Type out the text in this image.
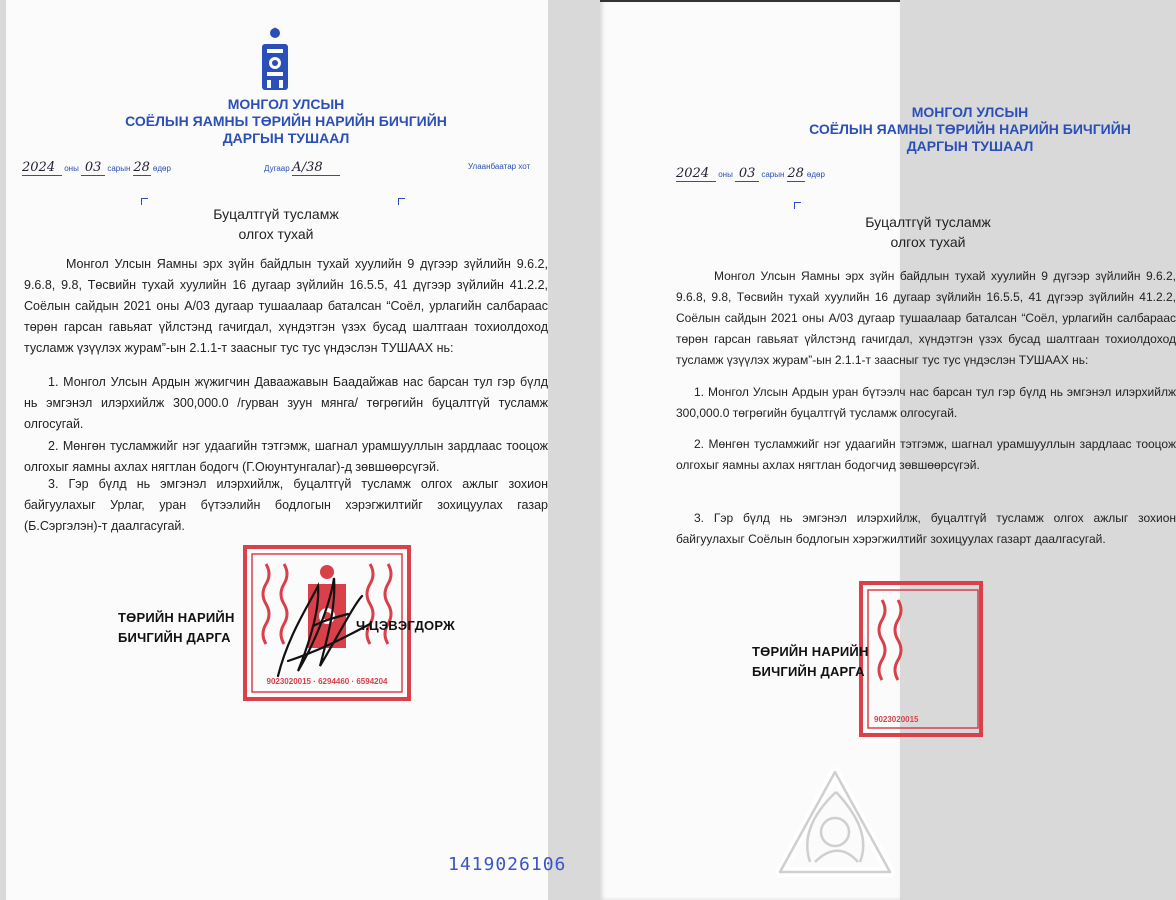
МОНГОЛ УЛСЫН
СОЁЛЫН ЯАМНЫ ТӨРИЙН НАРИЙН БИЧГИЙН
ДАРГЫН ТУШААЛ
2024 оны 03 сарын 28 өдөр	Дугаар А/38	Улаанбаатар хот
Буцалтгүй тусламж
олгох тухай
Монгол Улсын Яамны эрх зүйн байдлын тухай хуулийн 9 дүгээр зүйлийн 9.6.2, 9.6.8, 9.8, Төсвийн тухай хуулийн 16 дугаар зүйлийн 16.5.5, 41 дүгээр зүйлийн 41.2.2, Соёлын сайдын 2021 оны А/03 дугаар тушаалаар баталсан “Соёл, урлагийн салбараас төрөн гарсан гавьяат үйлстэнд гачигдал, хүндэтгэн үзэх бусад шалтгаан тохиолдоход тусламж үзүүлэх журам”-ын 2.1.1-т заасныг тус тус үндэслэн ТУШААХ нь:
1. Монгол Улсын Ардын жүжигчин Даваажавын Баадайжав нас барсан тул гэр бүлд нь эмгэнэл илэрхийлж 300,000.0 /гурван зуун мянга/ төгрөгийн буцалтгүй тусламж олгосугай.
2. Мөнгөн тусламжийг нэг удаагийн тэтгэмж, шагнал урамшууллын зардлаас тооцож олгохыг яамны ахлах нягтлан бодогч (Г.Оюунтунгалаг)-д зөвшөөрсүгэй.
3. Гэр бүлд нь эмгэнэл илэрхийлж, буцалтгүй тусламж олгох ажлыг зохион байгуулахыг Урлаг, уран бүтээлийн бодлогын хэрэгжилтийг зохицуулах газар (Б.Сэргэлэн)-т даалгасугай.
9023020015 · 6294460 · 6594204
ТӨРИЙН НАРИЙН
БИЧГИЙН ДАРГА
Ч.ЦЭВЭГДОРЖ
1419026106
МОНГОЛ УЛСЫН
СОЁЛЫН ЯАМНЫ ТӨРИЙН НАРИЙН БИЧГИЙН
ДАРГЫН ТУШААЛ
2024 оны 03 сарын 28 өдөр
Буцалтгүй тусламж
олгох тухай
Монгол Улсын Яамны эрх зүйн байдлын тухай хуулийн 9 дүгээр зүйлийн 9.6.2, 9.6.8, 9.8, Төсвийн тухай хуулийн 16 дугаар зүйлийн 16.5.5, 41 дүгээр зүйлийн 41.2.2, Соёлын сайдын 2021 оны А/03 дугаар тушаалаар баталсан “Соёл, урлагийн салбараас төрөн гарсан гавьяат үйлстэнд гачигдал, хүндэтгэн үзэх бусад шалтгаан тохиолдоход тусламж үзүүлэх журам”-ын 2.1.1-т заасныг тус тус үндэслэн ТУШААХ нь:
1. Монгол Улсын Ардын уран бүтээлч нас барсан тул гэр бүлд нь эмгэнэл илэрхийлж 300,000.0 төгрөгийн буцалтгүй тусламж олгосугай.
2. Мөнгөн тусламжийг нэг удаагийн тэтгэмж, шагнал урамшууллын зардлаас тооцож олгохыг яамны ахлах нягтлан бодогчид зөвшөөрсүгэй.
3. Гэр бүлд нь эмгэнэл илэрхийлж, буцалтгүй тусламж олгох ажлыг зохион байгуулахыг Соёлын бодлогын хэрэгжилтийг зохицуулах газарт даалгасугай.
9023020015
ТӨРИЙН НАРИЙН
БИЧГИЙН ДАРГА
